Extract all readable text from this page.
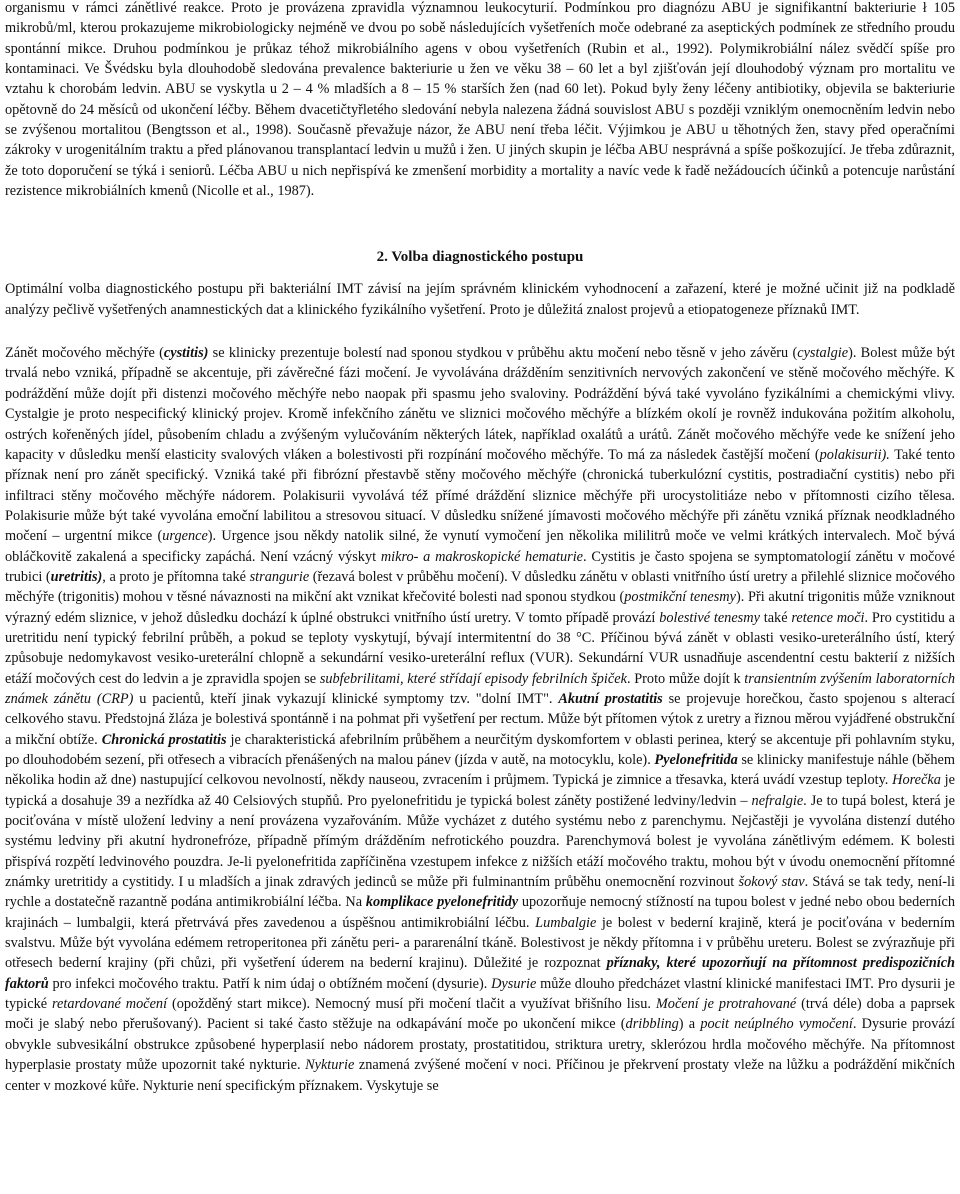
organismu v rámci zánětlivé reakce. Proto je provázena zpravidla významnou leukocyturií. Podmínkou pro diagnózu ABU je signifikantní bakteriurie ł 105 mikrobů/ml, kterou prokazujeme mikrobiologicky nejméně ve dvou po sobě následujících vyšetřeních moče odebrané za aseptických podmínek ze středního proudu spontánní mikce. Druhou podmínkou je průkaz téhož mikrobiálního agens v obou vyšetřeních (Rubin et al., 1992). Polymikrobiální nález svědčí spíše pro kontaminaci. Ve Švédsku byla dlouhodobě sledována prevalence bakteriurie u žen ve věku 38 – 60 let a byl zjišťován její dlouhodobý význam pro mortalitu ve vztahu k chorobám ledvin. ABU se vyskytla u 2 – 4 % mladších a 8 – 15 % starších žen (nad 60 let). Pokud byly ženy léčeny antibiotiky, objevila se bakteriurie opětovně do 24 měsíců od ukončení léčby. Během dvacetičtyřletého sledování nebyla nalezena žádná souvislost ABU s později vzniklým onemocněním ledvin nebo se zvýšenou mortalitou (Bengtsson et al., 1998). Současně převažuje názor, že ABU není třeba léčit. Výjimkou je ABU u těhotných žen, stavy před operačními zákroky v urogenitálním traktu a před plánovanou transplantací ledvin u mužů i žen. U jiných skupin je léčba ABU nesprávná a spíše poškozující. Je třeba zdůraznit, že toto doporučení se týká i seniorů. Léčba ABU u nich nepřispívá ke zmenšení morbidity a mortality a navíc vede k řadě nežádoucích účinků a potencuje narůstání rezistence mikrobiálních kmenů (Nicolle et al., 1987).

2. Volba diagnostického postupu

Optimální volba diagnostického postupu při bakteriální IMT závisí na jejím správném klinickém vyhodnocení a zařazení, které je možné učinit již na podkladě analýzy pečlivě vyšetřených anamnestických dat a klinického fyzikálního vyšetření. Proto je důležitá znalost projevů a etiopatogeneze příznaků IMT.

Zánět močového měchýře (cystitis) se klinicky prezentuje bolestí nad sponou stydkou v průběhu aktu močení nebo těsně v jeho závěru (cystalgie). Bolest může být trvalá nebo vzniká, případně se akcentuje, při závěrečné fázi močení. Je vyvolávána drážděním senzitivních nervových zakončení ve stěně močového měchýře. K podráždění může dojít při distenzi močového měchýře nebo naopak při spasmu jeho svaloviny. Podráždění bývá také vyvoláno fyzikálními a chemickými vlivy. Cystalgie je proto nespecifický klinický projev. Kromě infekčního zánětu ve sliznici močového měchýře a blízkém okolí je rovněž indukována požitím alkoholu, ostrých kořeněných jídel, působením chladu a zvýšeným vylučováním některých látek, například oxalátů a urátů. Zánět močového měchýře vede ke snížení jeho kapacity v důsledku menší elasticity svalových vláken a bolestivosti při rozpínání močového měchýře. To má za následek častější močení (polakisurii). Také tento příznak není pro zánět specifický. Vzniká také při fibrózní přestavbě stěny močového měchýře (chronická tuberkulózní cystitis, postradiační cystitis) nebo při infiltraci stěny močového měchýře nádorem. Polakisurii vyvolává též přímé dráždění sliznice měchýře při urocystolitiáze nebo v přítomnosti cizího tělesa. Polakisurie může být také vyvolána emoční labilitou a stresovou situací. V důsledku snížené jímavosti močového měchýře při zánětu vzniká příznak neodkladného močení – urgentní mikce (urgence). Urgence jsou někdy natolik silné, že vynutí vymočení jen několika mililitrů moče ve velmi krátkých intervalech. Moč bývá obláčkovitě zakalená a specificky zapáchá. Není vzácný výskyt mikro- a makroskopické hematurie. Cystitis je často spojena se symptomatologií zánětu v močové trubici (uretritis), a proto je přítomna také strangurie (řezavá bolest v průběhu močení). V důsledku zánětu v oblasti vnitřního ústí uretry a přilehlé sliznice močového měchýře (trigonitis) mohou v těsné návaznosti na mikční akt vznikat křečovité bolesti nad sponou stydkou (postmikční tenesmy). Při akutní trigonitis může vzniknout výrazný edém sliznice, v jehož důsledku dochází k úplné obstrukci vnitřního ústí uretry. V tomto případě provází bolestivé tenesmy také retence moči. Pro cystitidu a uretritidu není typický febrilní průběh, a pokud se teploty vyskytují, bývají intermitentní do 38 °C. Příčinou bývá zánět v oblasti vesiko-ureterálního ústí, který způsobuje nedomykavost vesiko-ureterální chlopně a sekundární vesiko-ureterální reflux (VUR). Sekundární VUR usnadňuje ascendentní cestu bakterií z nižších etáží močových cest do ledvin a je zpravidla spojen se subfebrilitami, které střídají episody febrilních špiček. Proto může dojít k transientním zvýšením laboratorních známek zánětu (CRP) u pacientů, kteří jinak vykazují klinické symptomy tzv. "dolní IMT". Akutní prostatitis se projevuje horečkou, často spojenou s alterací celkového stavu. Předstojná žláza je bolestivá spontánně i na pohmat při vyšetření per rectum. Může být přítomen výtok z uretry a řiznou měrou vyjádřené obstrukční a mikční obtíže. Chronická prostatitis je charakteristická afebrilním průběhem a neurčitým dyskomfortem v oblasti perinea, který se akcentuje při pohlavním styku, po dlouhodobém sezení, při otřesech a vibracích přenášených na malou pánev (jízda v autě, na motocyklu, kole). Pyelonefritida se klinicky manifestuje náhle (během několika hodin až dne) nastupující celkovou nevolností, někdy nauseou, zvracením i průjmem. Typická je zimnice a třesavka, která uvádí vzestup teploty. Horečka je typická a dosahuje 39 a nezřídka až 40 Celsiových stupňů. Pro pyelonefritidu je typická bolest záněty postižené ledviny/ledvin – nefralgie. Je to tupá bolest, která je pociťována v místě uložení ledviny a není provázena vyzařováním. Může vycházet z dutého systému nebo z parenchymu. Nejčastěji je vyvolána distenzí dutého systému ledviny při akutní hydronefróze, případně přímým drážděním nefrotického pouzdra. Parenchymová bolest je vyvolána zánětlivým edémem. K bolesti přispívá rozpětí ledvinového pouzdra. Je-li pyelonefritida zapříčiněna vzestupem infekce z nižších etáží močového traktu, mohou být v úvodu onemocnění přítomné známky uretritidy a cystitidy. I u mladších a jinak zdravých jedinců se může při fulminantním průběhu onemocnění rozvinout šokový stav. Stává se tak tedy, není-li rychle a dostatečně razantně podána antimikrobiální léčba. Na komplikace pyelonefritidy upozorňuje nemocný stížností na tupou bolest v jedné nebo obou bederních krajinách – lumbalgii, která přetrvává přes zavedenou a úspěšnou antimikrobiální léčbu. Lumbalgie je bolest v bederní krajině, která je pociťována v bederním svalstvu. Může být vyvolána edémem retroperitonea při zánětu peri- a pararenální tkáně. Bolestivost je někdy přítomna i v průběhu ureteru. Bolest se zvýrazňuje při otřesech bederní krajiny (při chůzi, při vyšetření úderem na bederní krajinu). Důležité je rozpoznat příznaky, které upozorňují na přítomnost predispozičních faktorů pro infekci močového traktu. Patří k nim údaj o obtížném močení (dysurie). Dysurie může dlouho předcházet vlastní klinické manifestaci IMT. Pro dysurii je typické retardované močení (opožděný start mikce). Nemocný musí při močení tlačit a využívat břišního lisu. Močení je protrahované (trvá déle) doba a paprsek moči je slabý nebo přerušovaný). Pacient si také často stěžuje na odkapávání moče po ukončení mikce (dribbling) a pocit neúplného vymočení. Dysurie provází obvykle subvesikální obstrukce způsobené hyperplasií nebo nádorem prostaty, prostatitidou, striktura uretry, sklerózou hrdla močového měchýře. Na přítomnost hyperplasie prostaty může upozornit také nykturie. Nykturie znamená zvýšené močení v noci. Příčinou je překrvení prostaty vleže na lůžku a podráždění mikčních center v mozkové kůře. Nykturie není specifickým příznakem. Vyskytuje se
